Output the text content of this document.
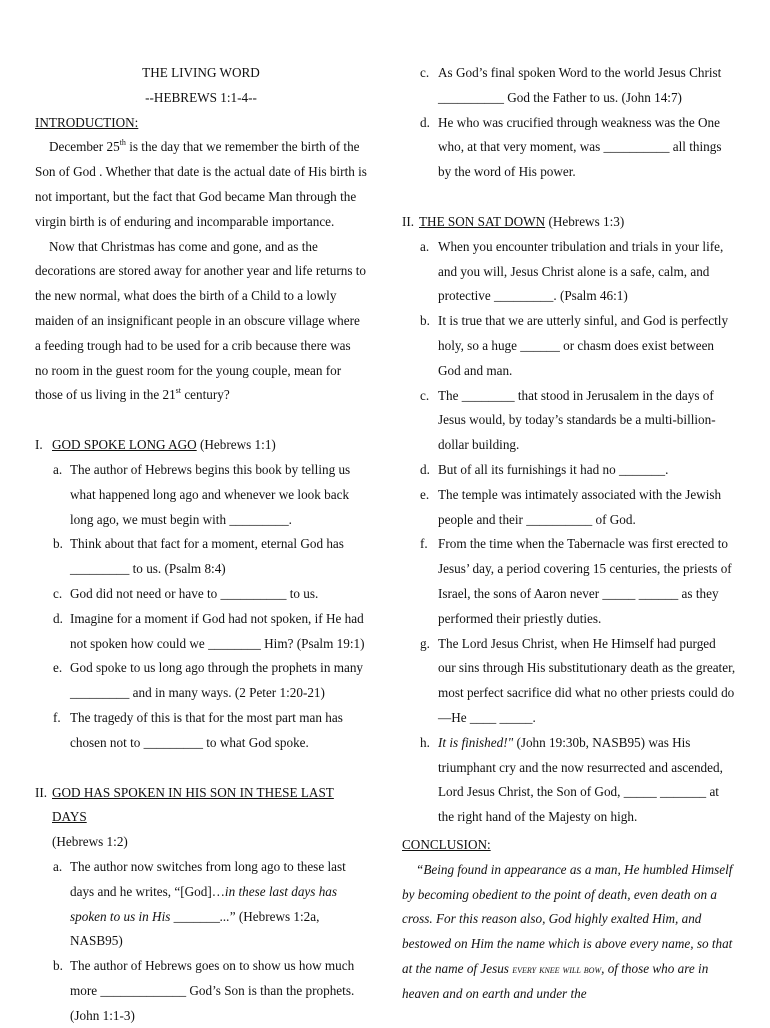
THE LIVING WORD

--HEBREWS 1:1-4--

INTRODUCTION:

December 25th is the day that we remember the birth of the Son of God . Whether that date is the actual date of His birth is not important, but the fact that God became Man through the virgin birth is of enduring and incomparable importance.

Now that Christmas has come and gone, and as the decorations are stored away for another year and life returns to the new normal, what does the birth of a Child to a lowly maiden of an insignificant people in an obscure village where a feeding trough had to be used for a crib because there was no room in the guest room for the young couple, mean for those of us living in the 21st century?

I. GOD SPOKE LONG AGO (Hebrews 1:1)
a. The author of Hebrews begins this book by telling us what happened long ago and whenever we look back long ago, we must begin with _________.
b. Think about that fact for a moment, eternal God has _________ to us. (Psalm 8:4)
c. God did not need or have to __________ to us.
d. Imagine for a moment if God had not spoken, if He had not spoken how could we ________ Him? (Psalm 19:1)
e. God spoke to us long ago through the prophets in many _________ and in many ways. (2 Peter 1:20-21)
f. The tragedy of this is that for the most part man has chosen not to _________ to what God spoke.
II. GOD HAS SPOKEN IN HIS SON IN THESE LAST DAYS

(Hebrews 1:2)

a. The author now switches from long ago to these last days and he writes, “[God]…in these last days has spoken to us in His _______...” (Hebrews 1:2a, NASB95)
b. The author of Hebrews goes on to show us how much more _____________ God’s Son is than the prophets. (John 1:1-3)
c. As God’s final spoken Word to the world Jesus Christ __________ God the Father to us. (John 14:7)
d. He who was crucified through weakness was the One who, at that very moment, was __________ all things by the word of His power.
II. THE SON SAT DOWN (Hebrews 1:3)
a. When you encounter tribulation and trials in your life, and you will, Jesus Christ alone is a safe, calm, and protective _________. (Psalm 46:1)
b. It is true that we are utterly sinful, and God is perfectly holy, so a huge ______ or chasm does exist between God and man.
c. The ________ that stood in Jerusalem in the days of Jesus would, by today’s standards be a multi-billion-dollar building.
d. But of all its furnishings it had no _______.
e. The temple was intimately associated with the Jewish people and their __________ of God.
f. From the time when the Tabernacle was first erected to Jesus’ day, a period covering 15 centuries, the priests of Israel, the sons of Aaron never _____ ______ as they performed their priestly duties.
g. The Lord Jesus Christ, when He Himself had purged our sins through His substitutionary death as the greater, most perfect sacrifice did what no other priests could do—He ____ _____.
h. It is finished!" (John 19:30b, NASB95) was His triumphant cry and the now resurrected and ascended, Lord Jesus Christ, the Son of God, _____ _______ at the right hand of the Majesty on high.

CONCLUSION:

“Being found in appearance as a man, He humbled Himself by becoming obedient to the point of death, even death on a cross. For this reason also, God highly exalted Him, and bestowed on Him the name which is above every name, so that at the name of Jesus every knee will bow, of those who are in heaven and on earth and under the
